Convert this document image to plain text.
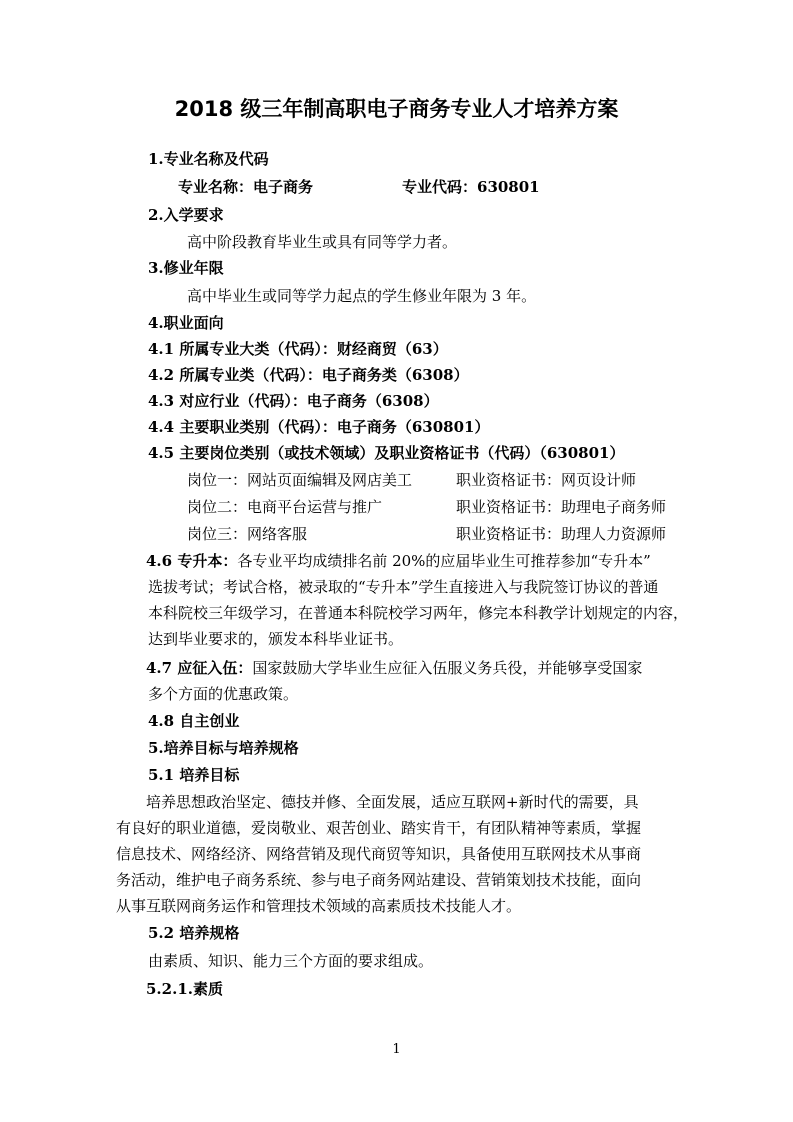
2018 级三年制高职电子商务专业人才培养方案
1.专业名称及代码
专业名称：电子商务	专业代码：630801
2.入学要求
高中阶段教育毕业生或具有同等学力者。
3.修业年限
高中毕业生或同等学力起点的学生修业年限为 3 年。
4.职业面向
4.1 所属专业大类（代码）：财经商贸（63）
4.2 所属专业类（代码）：电子商务类（6308）
4.3 对应行业（代码）：电子商务（6308）
4.4 主要职业类别（代码）：电子商务（630801）
4.5 主要岗位类别（或技术领域）及职业资格证书（代码）（630801）
岗位一：网站页面编辑及网店美工	职业资格证书：网页设计师
岗位二：电商平台运营与推广	职业资格证书：助理电子商务师
岗位三：网络客服	职业资格证书：助理人力资源师
4.6 专升本：各专业平均成绩排名前 20%的应届毕业生可推荐参加“专升本”
选拔考试；考试合格，被录取的“专升本”学生直接进入与我院签订协议的普通
本科院校三年级学习，在普通本科院校学习两年，修完本科教学计划规定的内容，
达到毕业要求的，颁发本科毕业证书。
4.7 应征入伍：国家鼓励大学毕业生应征入伍服义务兵役，并能够享受国家
多个方面的优惠政策。
4.8 自主创业
5.培养目标与培养规格
5.1 培养目标
培养思想政治坚定、德技并修、全面发展，适应互联网+新时代的需要，具
有良好的职业道德，爱岗敬业、艰苦创业、踏实肯干，有团队精神等素质，掌握
信息技术、网络经济、网络营销及现代商贸等知识，具备使用互联网技术从事商
务活动，维护电子商务系统、参与电子商务网站建设、营销策划技术技能，面向
从事互联网商务运作和管理技术领域的高素质技术技能人才。
5.2 培养规格
由素质、知识、能力三个方面的要求组成。
5.2.1.素质
1
